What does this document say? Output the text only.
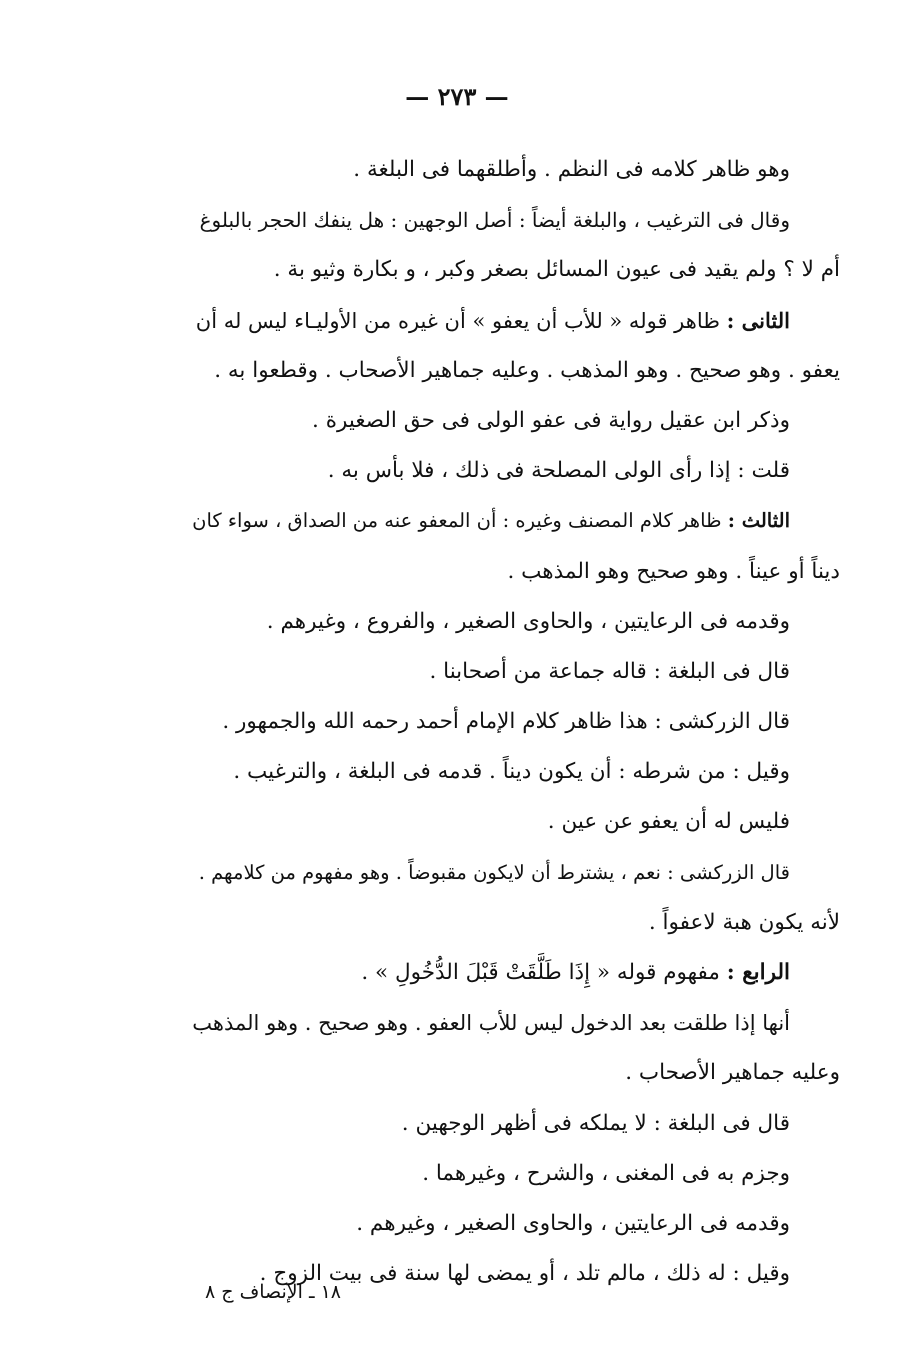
— ٢٧٣ —
وهو ظاهر كلامه فى النظم . وأطلقهما فى البلغة .
وقال فى الترغيب ، والبلغة أيضاً : أصل الوجهين : هل ينفك الحجر بالبلوغ
أم لا ؟ ولم يقيد فى عيون المسائل بصغر وكبر ، و بكارة وثيو بة .
الثانى : ظاهر قوله « للأب أن يعفو » أن غيره من الأوليـاء ليس له أن
يعفو . وهو صحيح . وهو المذهب . وعليه جماهير الأصحاب . وقطعوا به .
وذكر ابن عقيل رواية فى عفو الولى فى حق الصغيرة .
قلت : إذا رأى الولى المصلحة فى ذلك ، فلا بأس به .
الثالث : ظاهر كلام المصنف وغيره : أن المعفو عنه من الصداق ، سواء كان
ديناً أو عيناً . وهو صحيح وهو المذهب .
وقدمه فى الرعايتين ، والحاوى الصغير ، والفروع ، وغيرهم .
قال فى البلغة : قاله جماعة من أصحابنا .
قال الزركشى : هذا ظاهر كلام الإمام أحمد رحمه الله والجمهور .
وقيل : من شرطه : أن يكون ديناً . قدمه فى البلغة ، والترغيب .
فليس له أن يعفو عن عين .
قال الزركشى : نعم ، يشترط أن لايكون مقبوضاً . وهو مفهوم من كلامهم .
لأنه يكون هبة لاعفواً .
الرابع : مفهوم قوله « إِذَا طَلَّقَتْ قَبْلَ الدُّخُولِ » .
أنها إذا طلقت بعد الدخول ليس للأب العفو . وهو صحيح . وهو المذهب
وعليه جماهير الأصحاب .
قال فى البلغة : لا يملكه فى أظهر الوجهين .
وجزم به فى المغنى ، والشرح ، وغيرهما .
وقدمه فى الرعايتين ، والحاوى الصغير ، وغيرهم .
وقيل : له ذلك ، مالم تلد ، أو يمضى لها سنة فى بيت الزوج .
١٨ ـ الإنصاف ج ٨
